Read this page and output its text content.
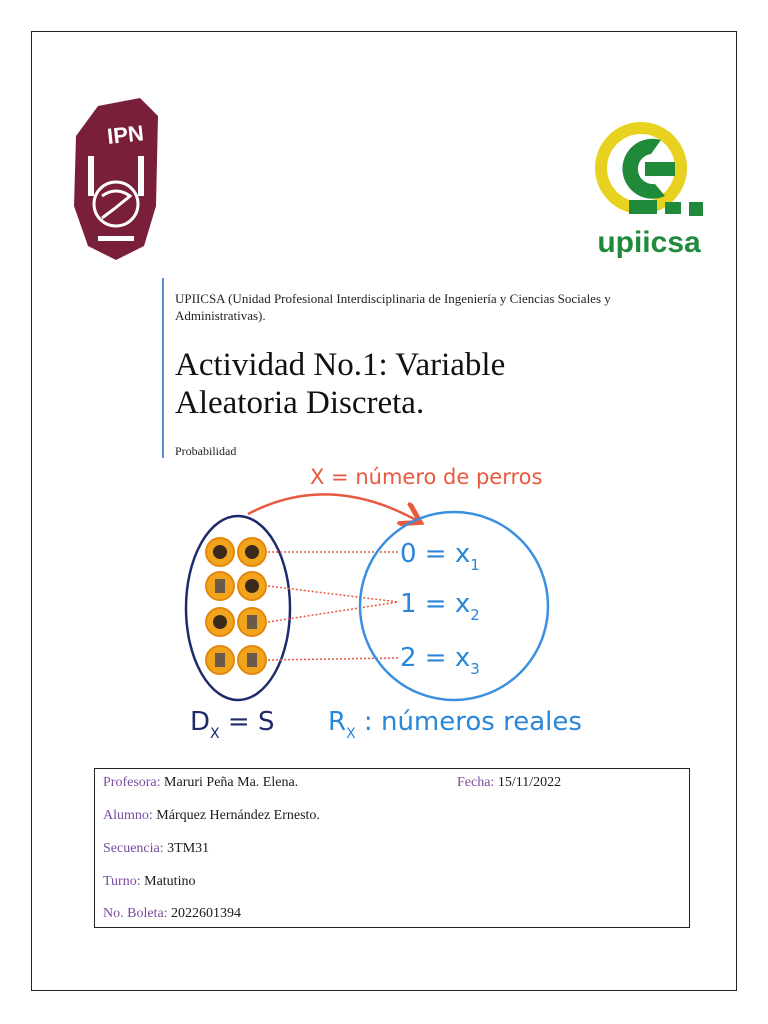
IPN
upiicsa
UPIICSA (Unidad Profesional Interdisciplinaria de Ingeniería y Ciencias Sociales y Administrativas).
Actividad No.1: Variable Aleatoria Discreta.
Probabilidad
X = número de perros
$0 = x_1$
$1 = x_2$
$2 = x_3$
$D_X = S$ $R_X$ : números reales
Profesora: Maruri Peña Ma. Elena.	Fecha: 15/11/2022
Alumno: Márquez Hernández Ernesto.
Secuencia: 3TM31
Turno: Matutino
No. Boleta: 2022601394
